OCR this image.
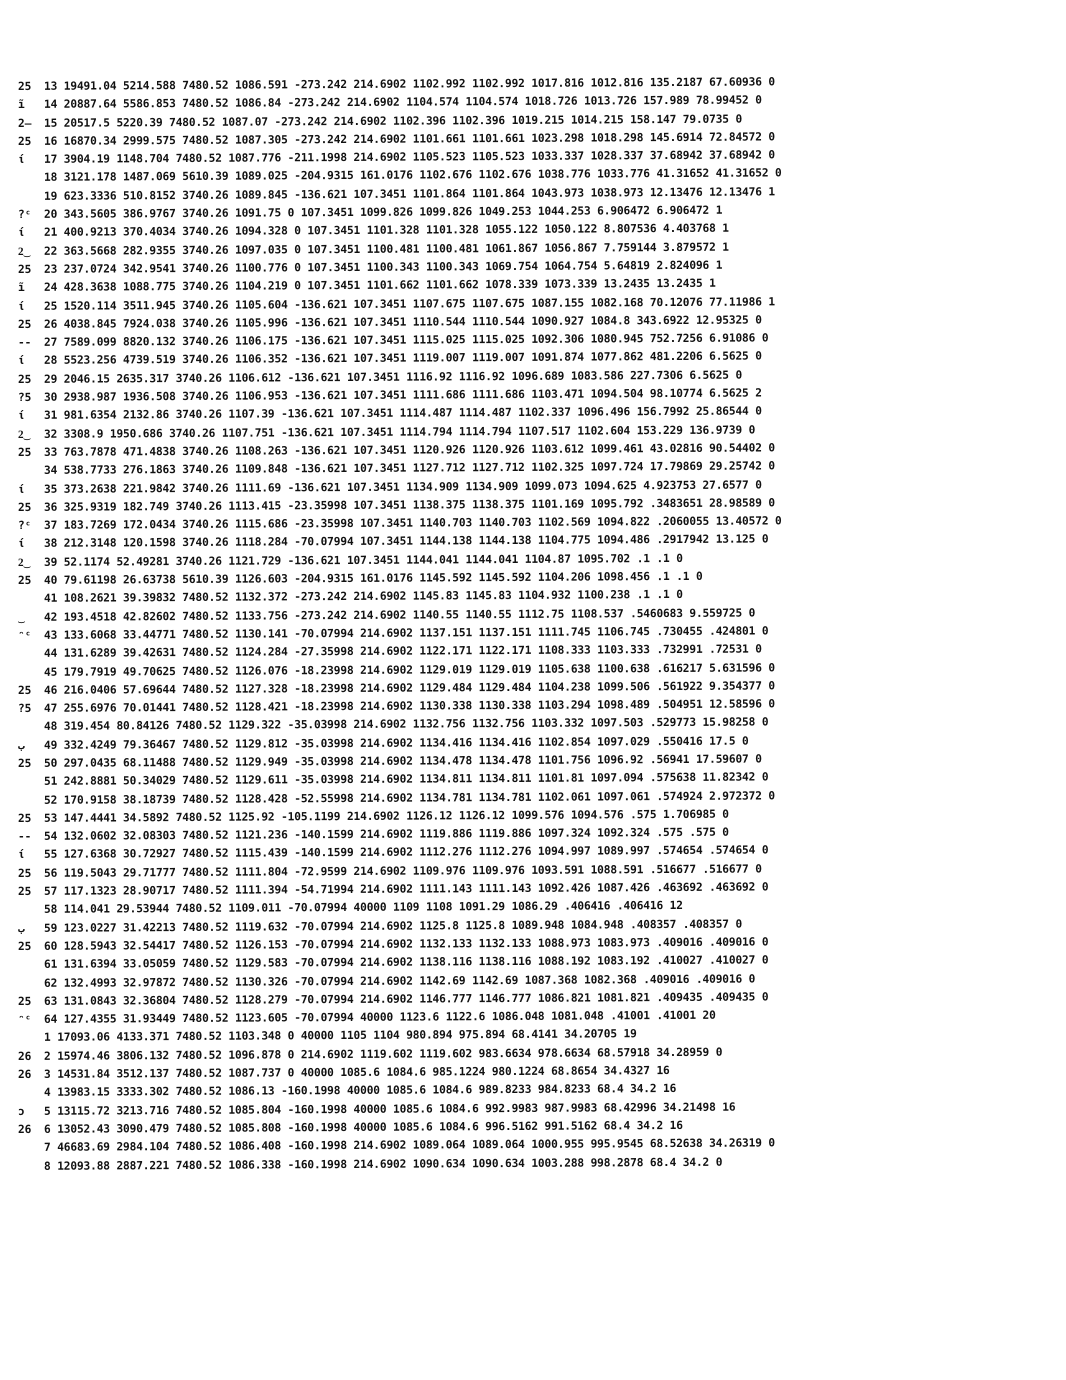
25 13 19491.04 5214.588 7480.52 1086.591 -273.242 214.6902 1102.992 1102.992 1017.816 1012.816 135.2187 67.60936 0
ĩ 14 20887.64 5586.853 7480.52 1086.84 -273.242 214.6902 1104.574 1104.574 1018.726 1013.726 157.989 78.99452 0
2̶ 15 20517.5 5220.39 7480.52 1087.07 -273.242 214.6902 1102.396 1102.396 1019.215 1014.215 158.147 79.0735 0
25 16 16870.34 2999.575 7480.52 1087.305 -273.242 214.6902 1101.661 1101.661 1023.298 1018.298 145.6914 72.84572 0
ί 17 3904.19 1148.704 7480.52 1087.776 -211.1998 214.6902 1105.523 1105.523 1033.337 1028.337 37.68942 37.68942 0
18 3121.178 1487.069 5610.39 1089.025 -204.9315 161.0176 1102.676 1102.676 1038.776 1033.776 41.31652 41.31652 0
19 623.3336 510.8152 3740.26 1089.845 -136.621 107.3451 1101.864 1101.864 1043.973 1038.973 12.13476 12.13476 1
?ᶜ 20 343.5605 386.9767 3740.26 1091.75 0 107.3451 1099.826 1099.826 1049.253 1044.253 6.906472 6.906472 1
ί 21 400.9213 370.4034 3740.26 1094.328 0 107.3451 1101.328 1101.328 1055.122 1050.122 8.807536 4.403768 1
2͜ 22 363.5668 282.9355 3740.26 1097.035 0 107.3451 1100.481 1100.481 1061.867 1056.867 7.759144 3.879572 1
25 23 237.0724 342.9541 3740.26 1100.776 0 107.3451 1100.343 1100.343 1069.754 1064.754 5.64819 2.824096 1
ĩ 24 428.3638 1088.775 3740.26 1104.219 0 107.3451 1101.662 1101.662 1078.339 1073.339 13.2435 13.2435 1
ί 25 1520.114 3511.945 3740.26 1105.604 -136.621 107.3451 1107.675 1107.675 1087.155 1082.168 70.12076 77.11986 1
25 26 4038.845 7924.038 3740.26 1105.996 -136.621 107.3451 1110.544 1110.544 1090.927 1084.8 343.6922 12.95325 0
-- 27 7589.099 8820.132 3740.26 1106.175 -136.621 107.3451 1115.025 1115.025 1092.306 1080.945 752.7256 6.91086 0
ί 28 5523.256 4739.519 3740.26 1106.352 -136.621 107.3451 1119.007 1119.007 1091.874 1077.862 481.2206 6.5625 0
25 29 2046.15 2635.317 3740.26 1106.612 -136.621 107.3451 1116.92 1116.92 1096.689 1083.586 227.7306 6.5625 0
?5 30 2938.987 1936.508 3740.26 1106.953 -136.621 107.3451 1111.686 1111.686 1103.471 1094.504 98.10774 6.5625 2
ί 31 981.6354 2132.86 3740.26 1107.39 -136.621 107.3451 1114.487 1114.487 1102.337 1096.496 156.7992 25.86544 0
2͜ 32 3308.9 1950.686 3740.26 1107.751 -136.621 107.3451 1114.794 1114.794 1107.517 1102.604 153.229 136.9739 0
25 33 763.7878 471.4838 3740.26 1108.263 -136.621 107.3451 1120.926 1120.926 1103.612 1099.461 43.02816 90.54402 0
34 538.7733 276.1863 3740.26 1109.848 -136.621 107.3451 1127.712 1127.712 1102.325 1097.724 17.79869 29.25742 0
ί 35 373.2638 221.9842 3740.26 1111.69 -136.621 107.3451 1134.909 1134.909 1099.073 1094.625 4.923753 27.6577 0
25 36 325.9319 182.749 3740.26 1113.415 -23.35998 107.3451 1138.375 1138.375 1101.169 1095.792 .3483651 28.98589 0
?ᶜ 37 183.7269 172.0434 3740.26 1115.686 -23.35998 107.3451 1140.703 1140.703 1102.569 1094.822 .2060055 13.40572 0
ί 38 212.3148 120.1598 3740.26 1118.284 -70.07994 107.3451 1144.138 1144.138 1104.775 1094.486 .2917942 13.125 0
2͜ 39 52.1174 52.49281 3740.26 1121.729 -136.621 107.3451 1144.041 1144.041 1104.87 1095.702 .1 .1 0
25 40 79.61198 26.63738 5610.39 1126.603 -204.9315 161.0176 1145.592 1145.592 1104.206 1098.456 .1 .1 0
41 108.2621 39.39832 7480.52 1132.372 -273.242 214.6902 1145.83 1145.83 1104.932 1100.238 .1 .1 0
͜ 42 193.4518 42.82602 7480.52 1133.756 -273.242 214.6902 1140.55 1140.55 1112.75 1108.537 .5460683 9.559725 0
ᵔᶜ 43 133.6068 33.44771 7480.52 1130.141 -70.07994 214.6902 1137.151 1137.151 1111.745 1106.745 .730455 .424801 0
44 131.6289 39.42631 7480.52 1124.284 -27.35998 214.6902 1122.171 1122.171 1108.333 1103.333 .732991 .72531 0
45 179.7919 49.70625 7480.52 1126.076 -18.23998 214.6902 1129.019 1129.019 1105.638 1100.638 .616217 5.631596 0
25 46 216.0406 57.69644 7480.52 1127.328 -18.23998 214.6902 1129.484 1129.484 1104.238 1099.506 .561922 9.354377 0
?5 47 255.6976 70.01441 7480.52 1128.421 -18.23998 214.6902 1130.338 1130.338 1103.294 1098.489 .504951 12.58596 0
48 319.454 80.84126 7480.52 1129.322 -35.03998 214.6902 1132.756 1132.756 1103.332 1097.503 .529773 15.98258 0
ب 49 332.4249 79.36467 7480.52 1129.812 -35.03998 214.6902 1134.416 1134.416 1102.854 1097.029 .550416 17.5 0
25 50 297.0435 68.11488 7480.52 1129.949 -35.03998 214.6902 1134.478 1134.478 1101.756 1096.92 .56941 17.59607 0
51 242.8881 50.34029 7480.52 1129.611 -35.03998 214.6902 1134.811 1134.811 1101.81 1097.094 .575638 11.82342 0
52 170.9158 38.18739 7480.52 1128.428 -52.55998 214.6902 1134.781 1134.781 1102.061 1097.061 .574924 2.972372 0
25 53 147.4441 34.5892 7480.52 1125.92 -105.1199 214.6902 1126.12 1126.12 1099.576 1094.576 .575 1.706985 0
-- 54 132.0602 32.08303 7480.52 1121.236 -140.1599 214.6902 1119.886 1119.886 1097.324 1092.324 .575 .575 0
ί 55 127.6368 30.72927 7480.52 1115.439 -140.1599 214.6902 1112.276 1112.276 1094.997 1089.997 .574654 .574654 0
25 56 119.5043 29.71777 7480.52 1111.804 -72.9599 214.6902 1109.976 1109.976 1093.591 1088.591 .516677 .516677 0
25 57 117.1323 28.90717 7480.52 1111.394 -54.71994 214.6902 1111.143 1111.143 1092.426 1087.426 .463692 .463692 0
58 114.041 29.53944 7480.52 1109.011 -70.07994 40000 1109 1108 1091.29 1086.29 .406416 .406416 12
ب 59 123.0227 31.42213 7480.52 1119.632 -70.07994 214.6902 1125.8 1125.8 1089.948 1084.948 .408357 .408357 0
25 60 128.5943 32.54417 7480.52 1126.153 -70.07994 214.6902 1132.133 1132.133 1088.973 1083.973 .409016 .409016 0
61 131.6394 33.05059 7480.52 1129.583 -70.07994 214.6902 1138.116 1138.116 1088.192 1083.192 .410027 .410027 0
62 132.4993 32.97872 7480.52 1130.326 -70.07994 214.6902 1142.69 1142.69 1087.368 1082.368 .409016 .409016 0
25 63 131.0843 32.36804 7480.52 1128.279 -70.07994 214.6902 1146.777 1146.777 1086.821 1081.821 .409435 .409435 0
ᵔᶜ 64 127.4355 31.93449 7480.52 1123.605 -70.07994 40000 1123.6 1122.6 1086.048 1081.048 .41001 .41001 20
1 17093.06 4133.371 7480.52 1103.348 0 40000 1105 1104 980.894 975.894 68.4141 34.20705 19
26 2 15974.46 3806.132 7480.52 1096.878 0 214.6902 1119.602 1119.602 983.6634 978.6634 68.57918 34.28959 0
26 3 14531.84 3512.137 7480.52 1087.737 0 40000 1085.6 1084.6 985.1224 980.1224 68.8654 34.4327 16
4 13983.15 3333.302 7480.52 1086.13 -160.1998 40000 1085.6 1084.6 989.8233 984.8233 68.4 34.2 16
ͻ 5 13115.72 3213.716 7480.52 1085.804 -160.1998 40000 1085.6 1084.6 992.9983 987.9983 68.42996 34.21498 16
26 6 13052.43 3090.479 7480.52 1085.808 -160.1998 40000 1085.6 1084.6 996.5162 991.5162 68.4 34.2 16
7 46683.69 2984.104 7480.52 1086.408 -160.1998 214.6902 1089.064 1089.064 1000.955 995.9545 68.52638 34.26319 0
8 12093.88 2887.221 7480.52 1086.338 -160.1998 214.6902 1090.634 1090.634 1003.288 998.2878 68.4 34.2 0
